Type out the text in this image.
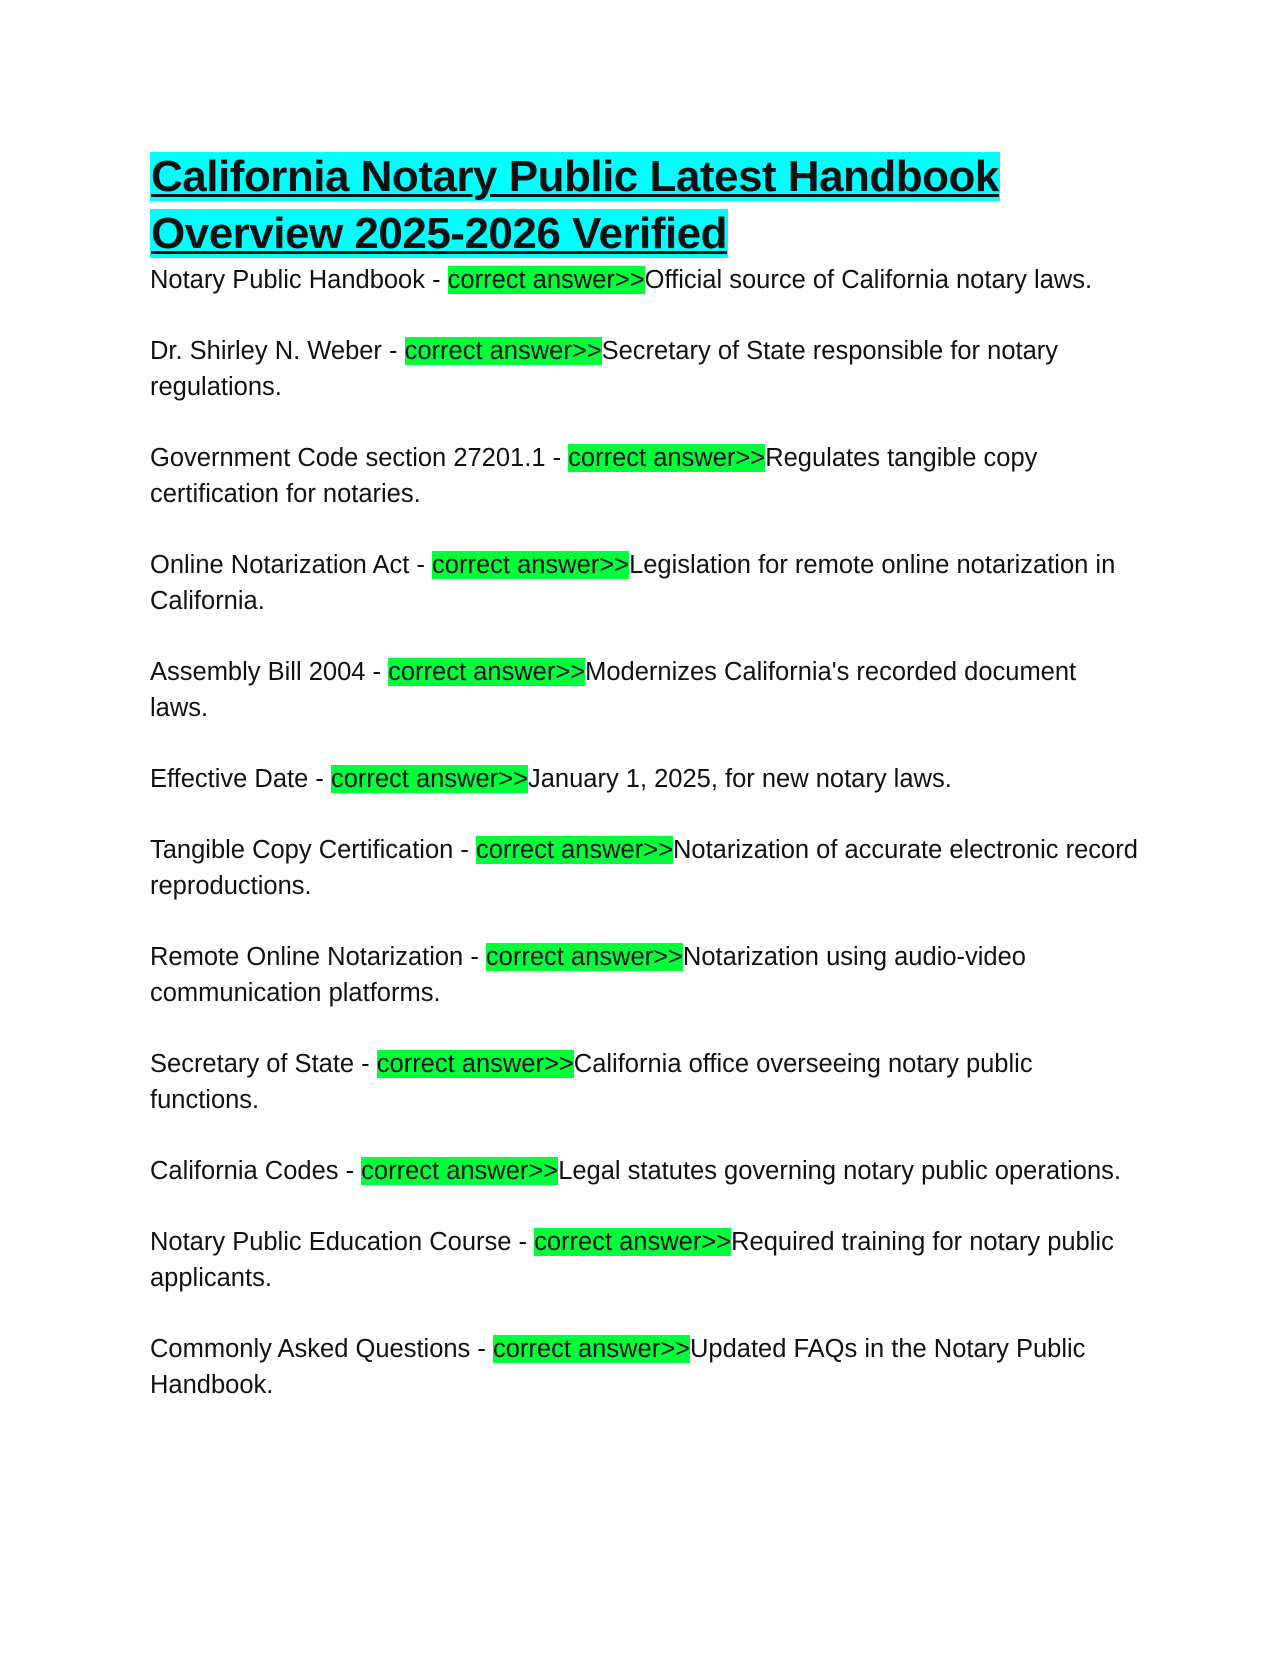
California Notary Public Latest Handbook Overview 2025-2026 Verified

Notary Public Handbook - correct answer>>Official source of California notary laws.

Dr. Shirley N. Weber - correct answer>>Secretary of State responsible for notary regulations.

Government Code section 27201.1 - correct answer>>Regulates tangible copy certification for notaries.

Online Notarization Act - correct answer>>Legislation for remote online notarization in California.

Assembly Bill 2004 - correct answer>>Modernizes California's recorded document laws.

Effective Date - correct answer>>January 1, 2025, for new notary laws.

Tangible Copy Certification - correct answer>>Notarization of accurate electronic record reproductions.

Remote Online Notarization - correct answer>>Notarization using audio-video communication platforms.

Secretary of State - correct answer>>California office overseeing notary public functions.

California Codes - correct answer>>Legal statutes governing notary public operations.

Notary Public Education Course - correct answer>>Required training for notary public applicants.

Commonly Asked Questions - correct answer>>Updated FAQs in the Notary Public Handbook.
